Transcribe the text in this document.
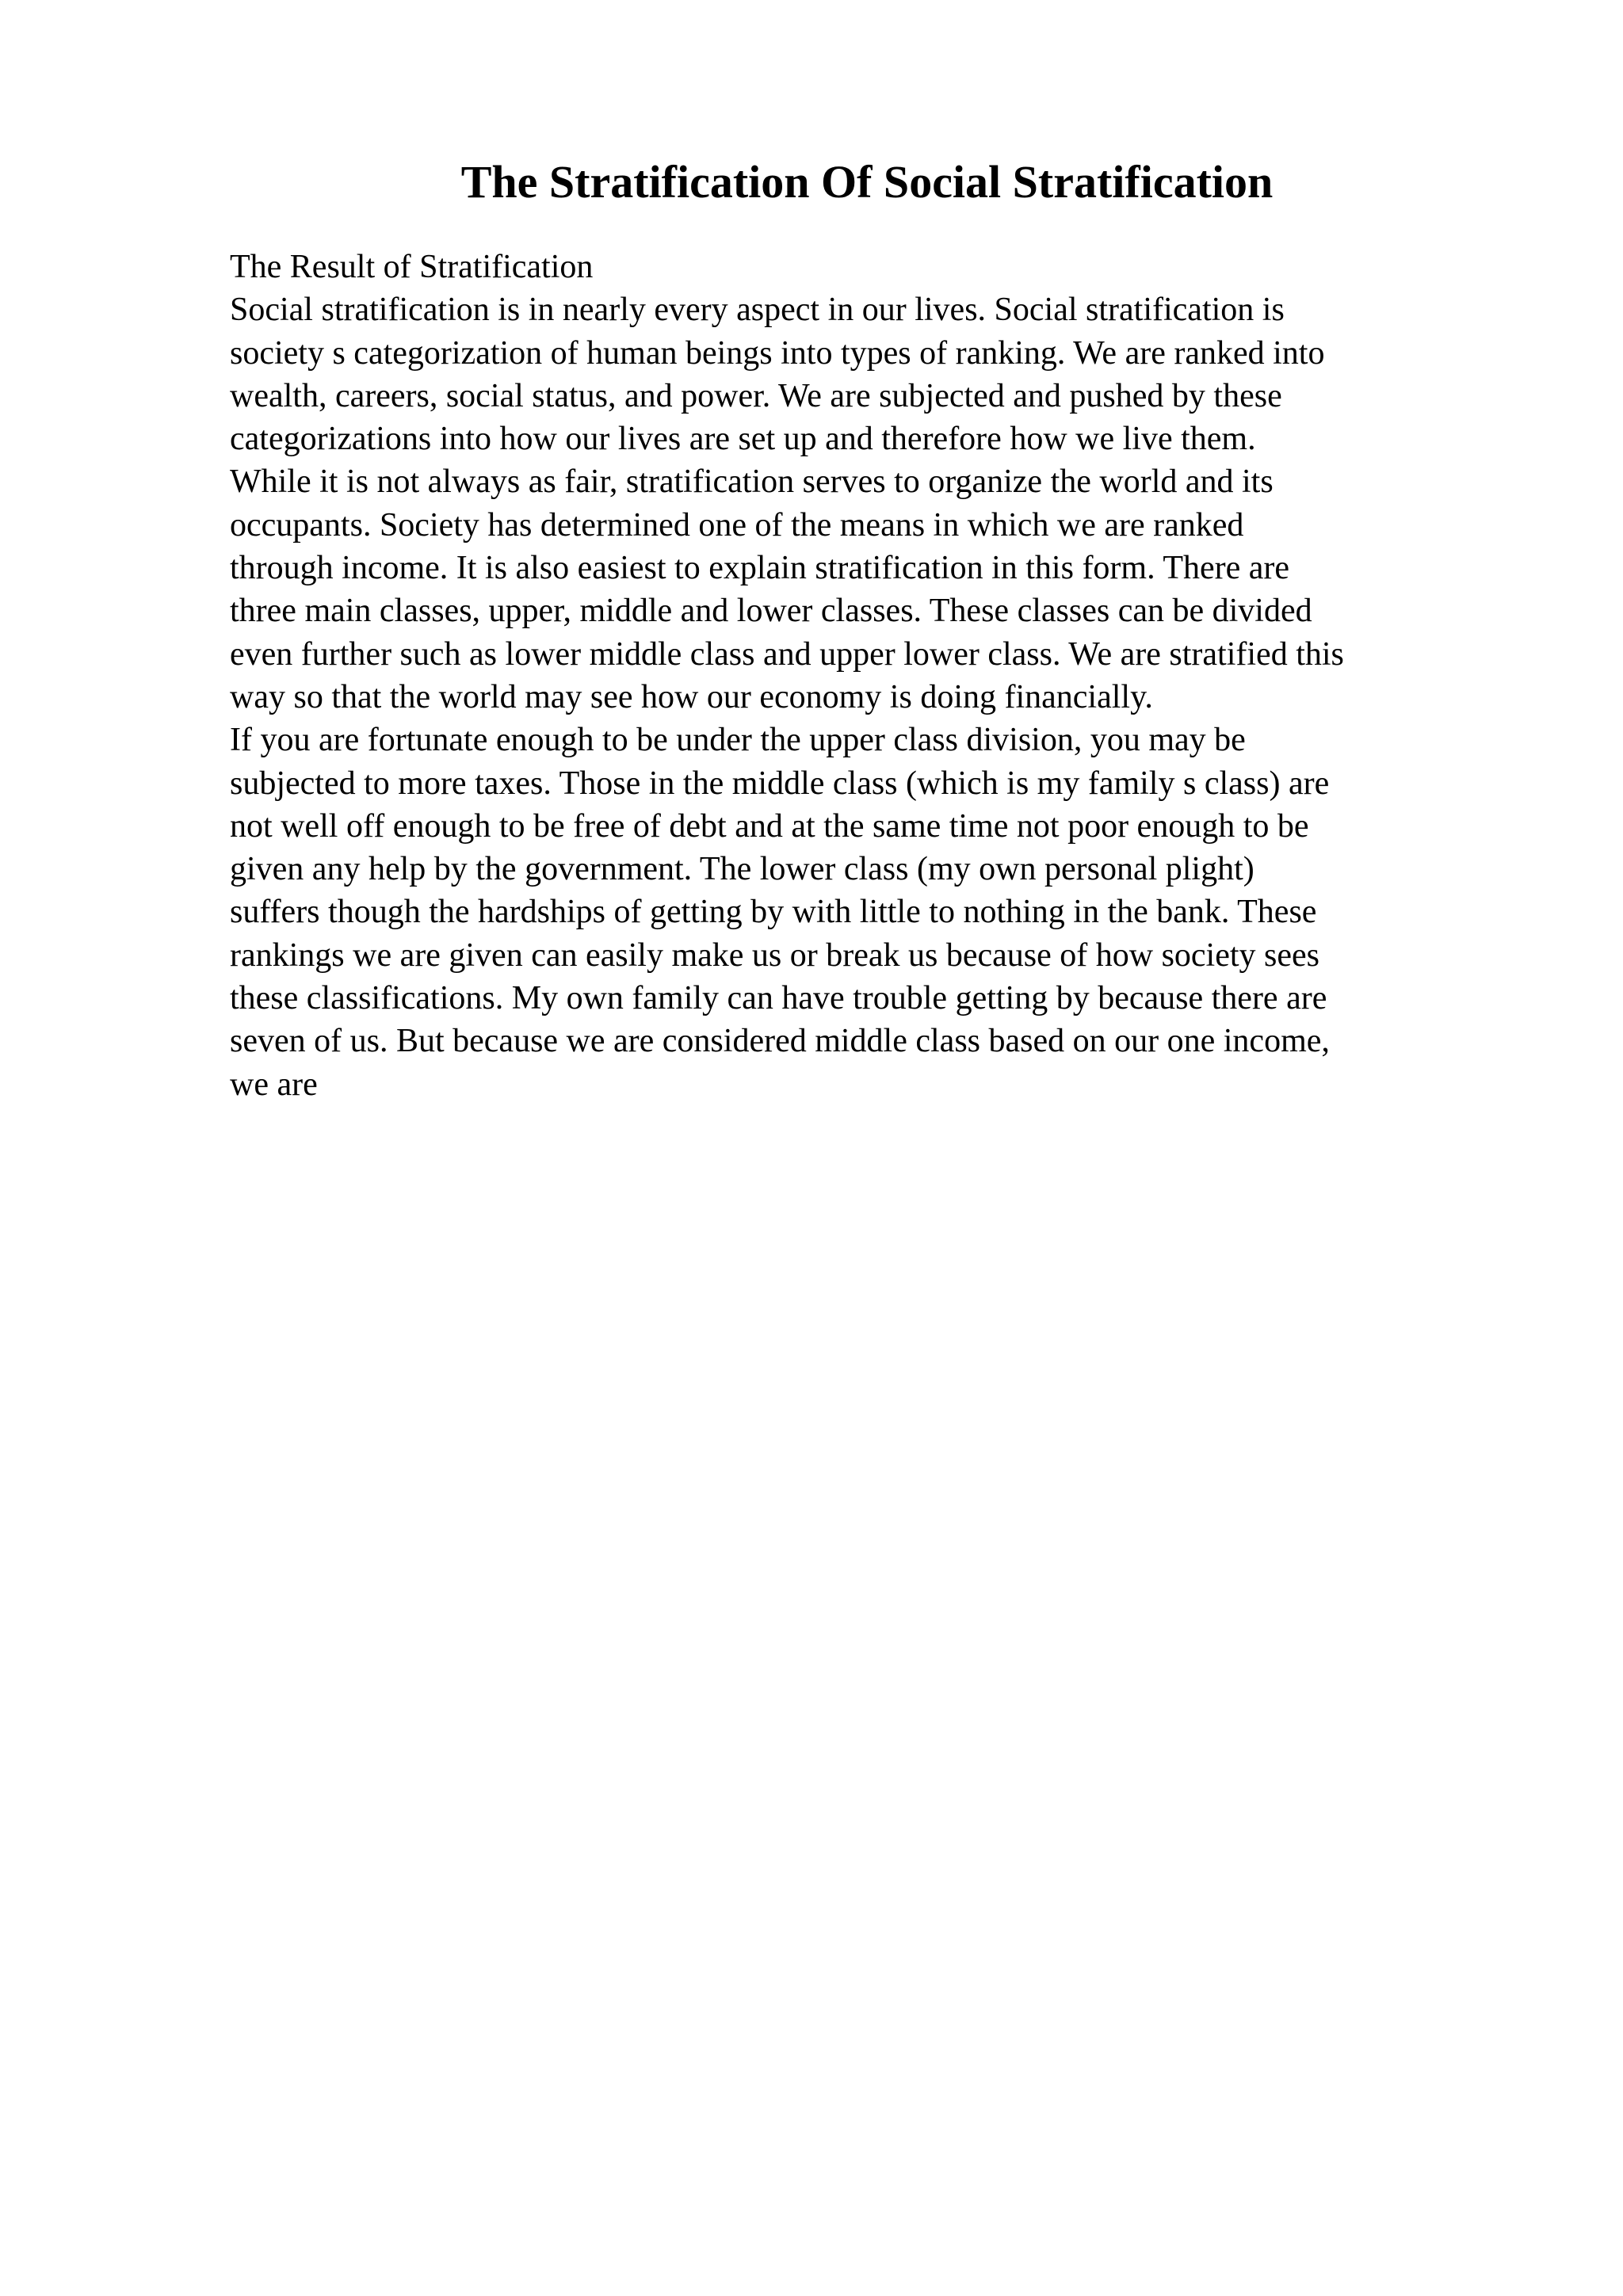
The Stratification Of Social Stratification
The Result of Stratification
Social stratification is in nearly every aspect in our lives. Social stratification is
society s categorization of human beings into types of ranking. We are ranked into
wealth, careers, social status, and power. We are subjected and pushed by these
categorizations into how our lives are set up and therefore how we live them.
While it is not always as fair, stratification serves to organize the world and its
occupants. Society has determined one of the means in which we are ranked
through income. It is also easiest to explain stratification in this form. There are
three main classes, upper, middle and lower classes. These classes can be divided
even further such as lower middle class and upper lower class. We are stratified this
way so that the world may see how our economy is doing financially.
If you are fortunate enough to be under the upper class division, you may be
subjected to more taxes. Those in the middle class (which is my family s class) are
not well off enough to be free of debt and at the same time not poor enough to be
given any help by the government. The lower class (my own personal plight)
suffers though the hardships of getting by with little to nothing in the bank. These
rankings we are given can easily make us or break us because of how society sees
these classifications. My own family can have trouble getting by because there are
seven of us. But because we are considered middle class based on our one income,
we are
